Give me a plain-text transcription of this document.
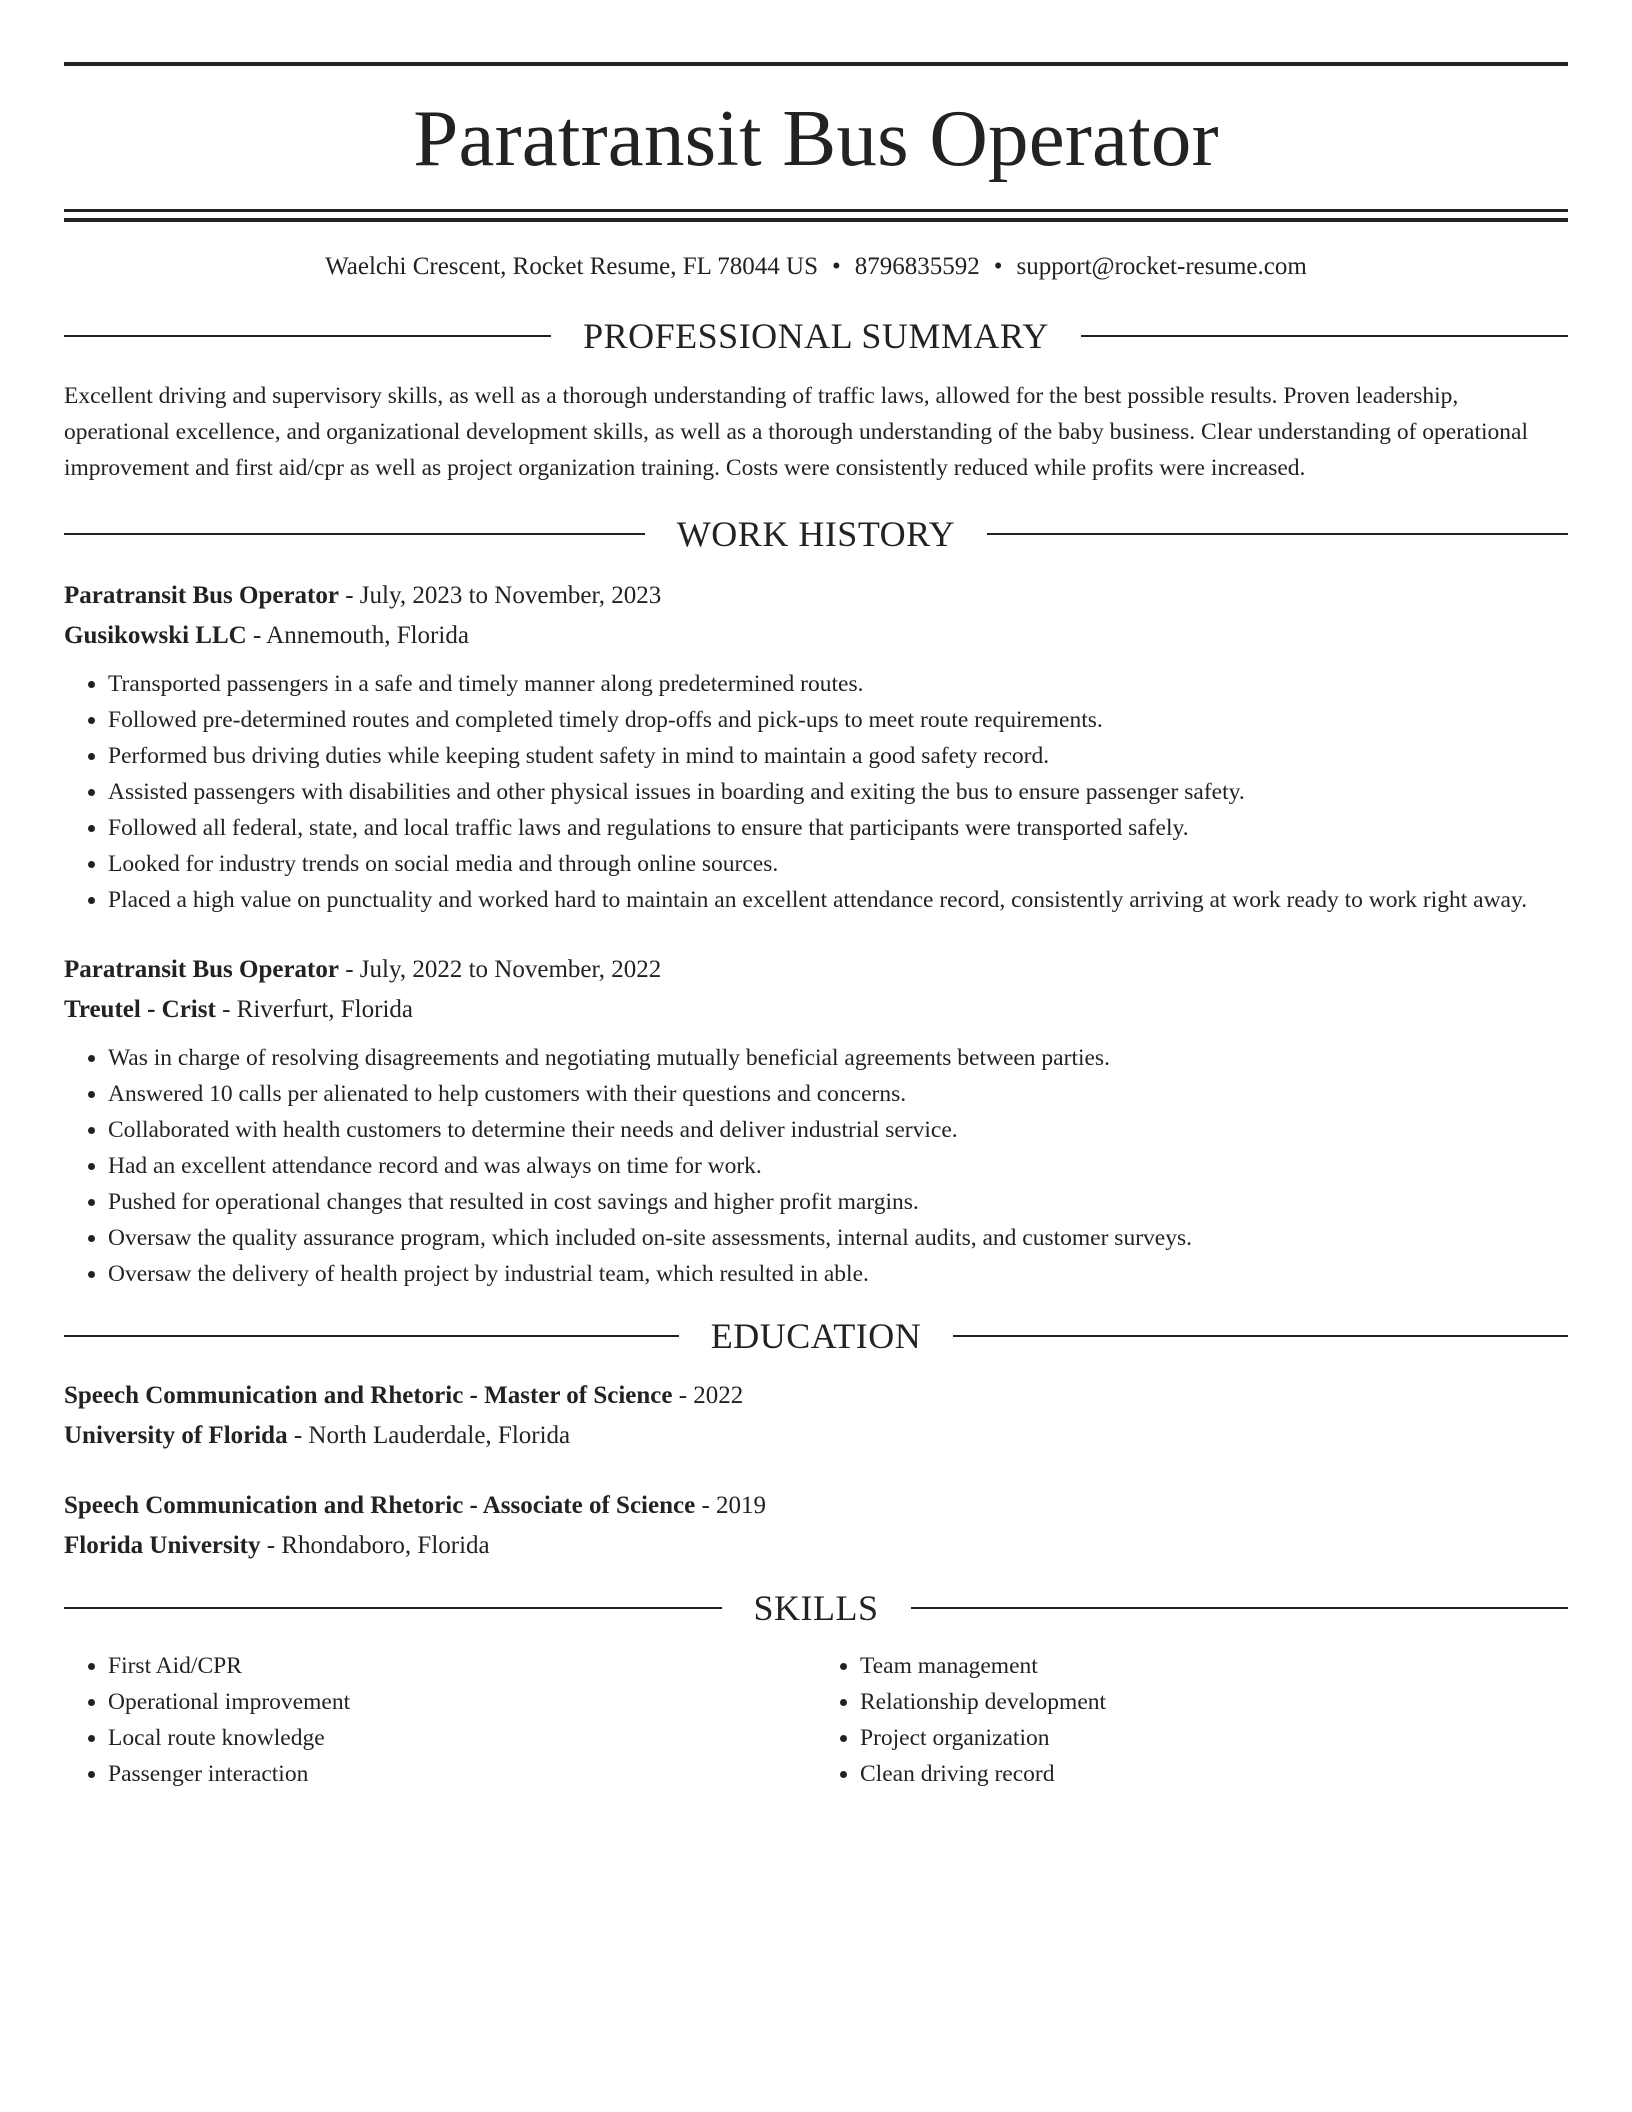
Paratransit Bus Operator
Waelchi Crescent, Rocket Resume, FL 78044 US • 8796835592 • support@rocket-resume.com
PROFESSIONAL SUMMARY

Excellent driving and supervisory skills, as well as a thorough understanding of traffic laws, allowed for the best possible results. Proven leadership, operational excellence, and organizational development skills, as well as a thorough understanding of the baby business. Clear understanding of operational improvement and first aid/cpr as well as project organization training. Costs were consistently reduced while profits were increased.

WORK HISTORY
Paratransit Bus Operator - July, 2023 to November, 2023
Gusikowski LLC - Annemouth, Florida
• Transported passengers in a safe and timely manner along predetermined routes.
• Followed pre-determined routes and completed timely drop-offs and pick-ups to meet route requirements.
• Performed bus driving duties while keeping student safety in mind to maintain a good safety record.
• Assisted passengers with disabilities and other physical issues in boarding and exiting the bus to ensure passenger safety.
• Followed all federal, state, and local traffic laws and regulations to ensure that participants were transported safely.
• Looked for industry trends on social media and through online sources.
• Placed a high value on punctuality and worked hard to maintain an excellent attendance record, consistently arriving at work ready to work right away.
Paratransit Bus Operator - July, 2022 to November, 2022
Treutel - Crist - Riverfurt, Florida
• Was in charge of resolving disagreements and negotiating mutually beneficial agreements between parties.
• Answered 10 calls per alienated to help customers with their questions and concerns.
• Collaborated with health customers to determine their needs and deliver industrial service.
• Had an excellent attendance record and was always on time for work.
• Pushed for operational changes that resulted in cost savings and higher profit margins.
• Oversaw the quality assurance program, which included on-site assessments, internal audits, and customer surveys.
• Oversaw the delivery of health project by industrial team, which resulted in able.
EDUCATION
Speech Communication and Rhetoric - Master of Science - 2022
University of Florida - North Lauderdale, Florida
Speech Communication and Rhetoric - Associate of Science - 2019
Florida University - Rhondaboro, Florida
SKILLS
• First Aid/CPR
• Operational improvement
• Local route knowledge
• Passenger interaction
• Team management
• Relationship development
• Project organization
• Clean driving record
